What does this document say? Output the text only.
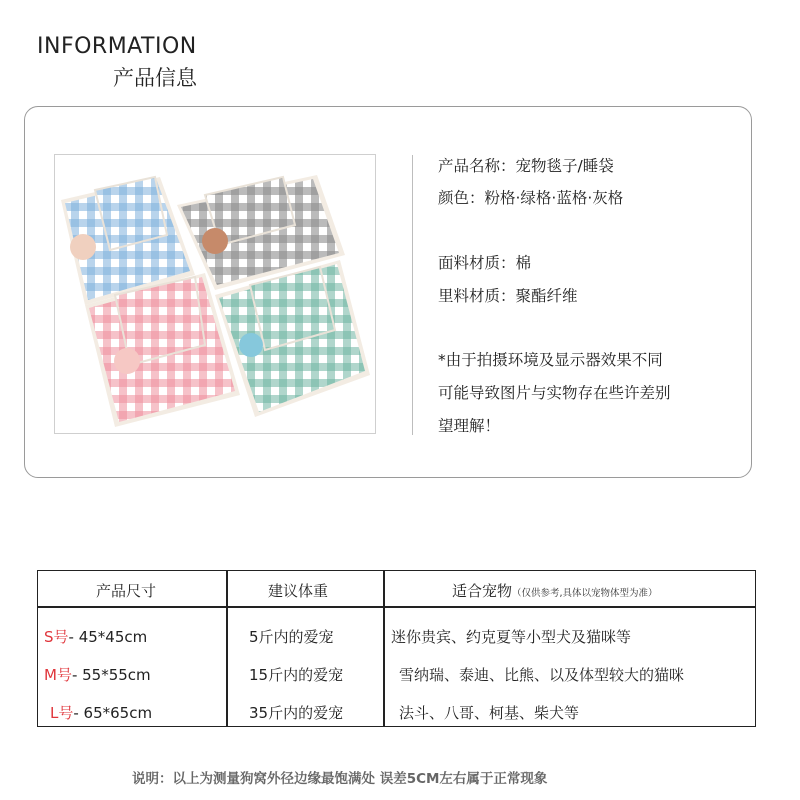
INFORMATION
产品信息
产品名称：宠物毯子/睡袋
颜色：粉格·绿格·蓝格·灰格
面料材质：棉
里料材质：聚酯纤维
*由于拍摄环境及显示器效果不同
可能导致图片与实物存在些许差别
望理解！
产品尺寸	建议体重	适合宠物（仅供参考,具体以宠物体型为准）
S号- 45*45cm	5斤内的爱宠	迷你贵宾、约克夏等小型犬及猫咪等
M号- 55*55cm	15斤内的爱宠	雪纳瑞、泰迪、比熊、以及体型较大的猫咪
L号- 65*65cm	35斤内的爱宠	法斗、八哥、柯基、柴犬等
说明：以上为测量狗窝外径边缘最饱满处 误差5CM左右属于正常现象
